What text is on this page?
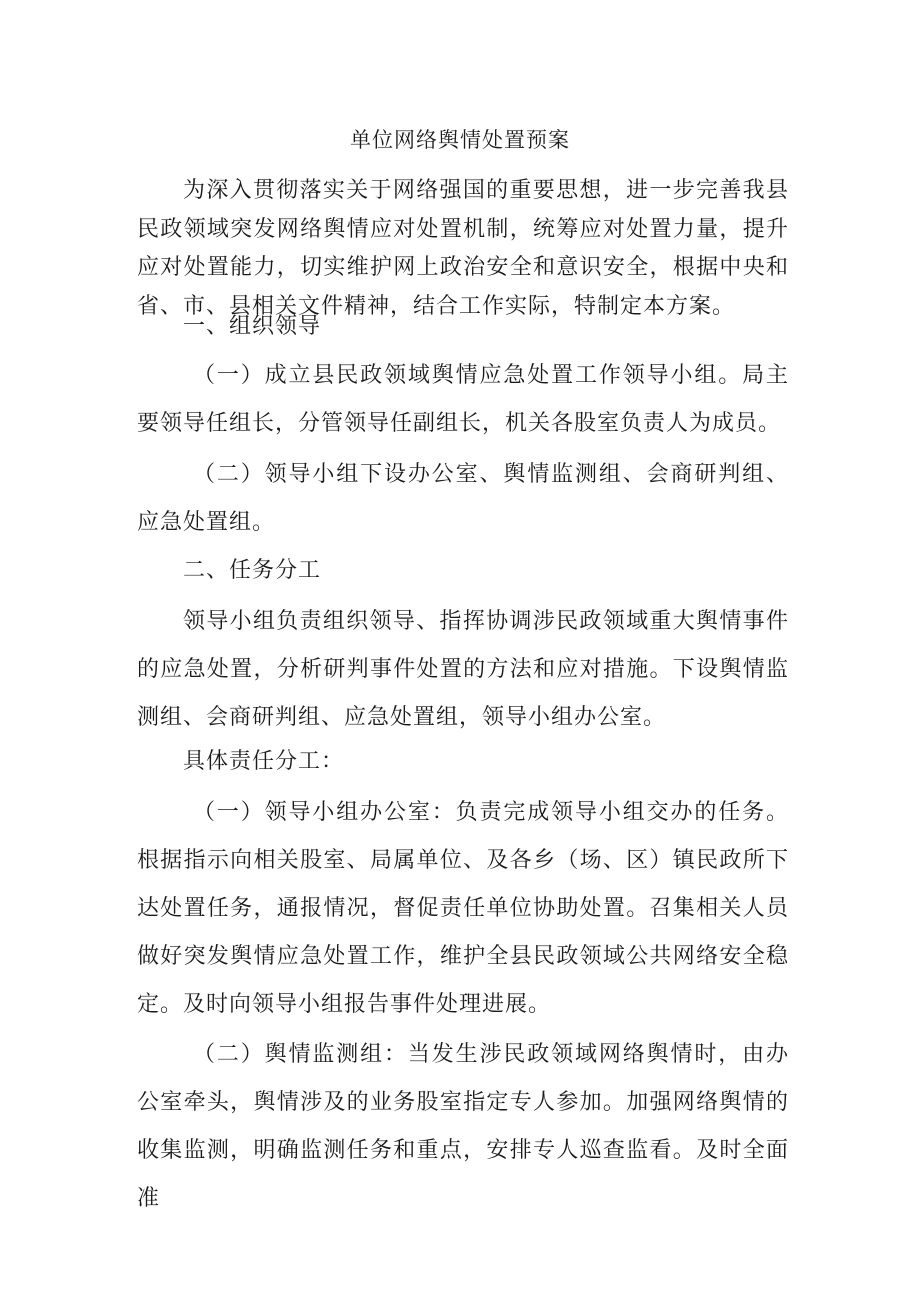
单位网络舆情处置预案

为深入贯彻落实关于网络强国的重要思想，进一步完善我县民政领域突发网络舆情应对处置机制，统筹应对处置力量，提升应对处置能力，切实维护网上政治安全和意识安全，根据中央和省、市、县相关文件精神，结合工作实际，特制定本方案。

一、组织领导

（一）成立县民政领域舆情应急处置工作领导小组。局主要领导任组长，分管领导任副组长，机关各股室负责人为成员。

（二）领导小组下设办公室、舆情监测组、会商研判组、应急处置组。

二、任务分工

领导小组负责组织领导、指挥协调涉民政领域重大舆情事件的应急处置，分析研判事件处置的方法和应对措施。下设舆情监测组、会商研判组、应急处置组，领导小组办公室。

具体责任分工：

（一）领导小组办公室：负责完成领导小组交办的任务。根据指示向相关股室、局属单位、及各乡（场、区）镇民政所下达处置任务，通报情况，督促责任单位协助处置。召集相关人员做好突发舆情应急处置工作，维护全县民政领域公共网络安全稳定。及时向领导小组报告事件处理进展。

（二）舆情监测组：当发生涉民政领域网络舆情时，由办公室牵头，舆情涉及的业务股室指定专人参加。加强网络舆情的收集监测，明确监测任务和重点，安排专人巡查监看。及时全面准
